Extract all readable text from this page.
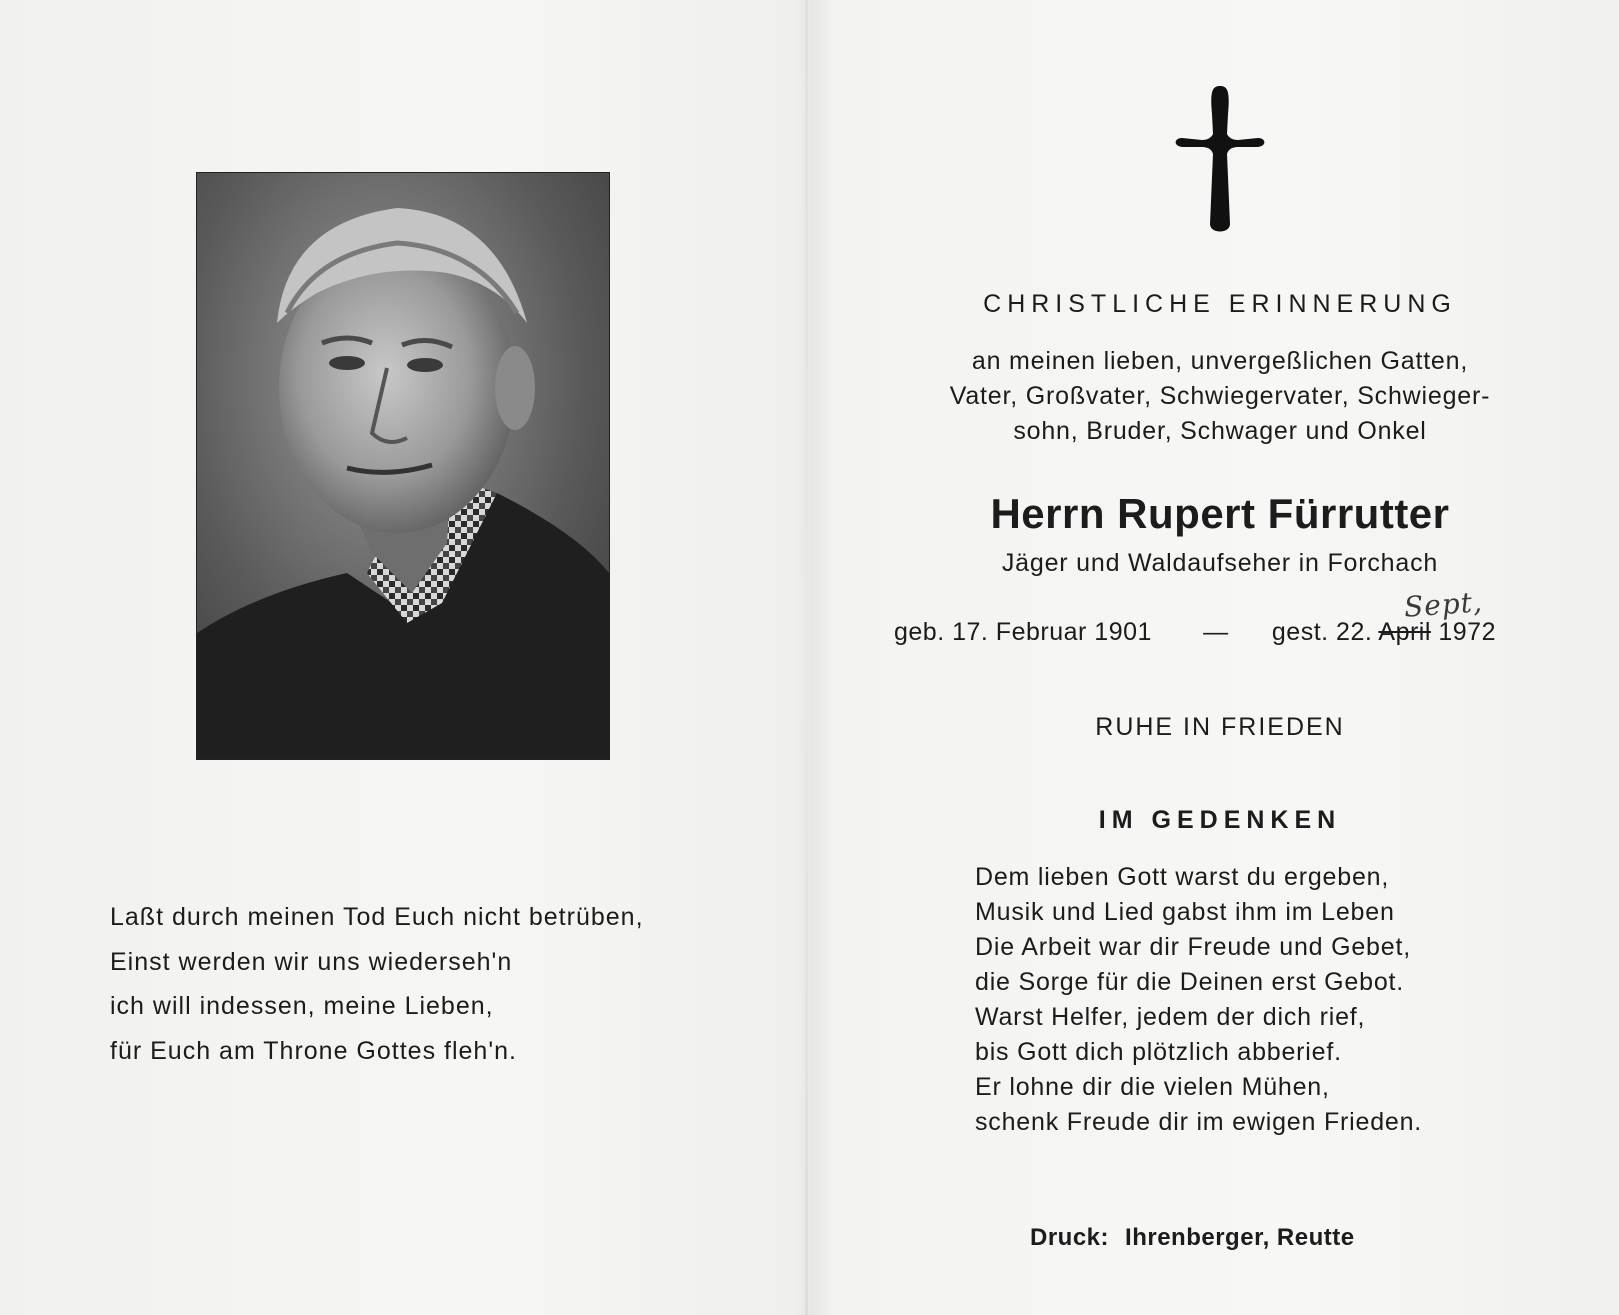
Laßt durch meinen Tod Euch nicht betrüben,
Einst werden wir uns wiederseh'n
ich will indessen, meine Lieben,
für Euch am Throne Gottes fleh'n.
CHRISTLICHE ERINNERUNG
an meinen lieben, unvergeßlichen Gatten,
Vater, Großvater, Schwiegervater, Schwieger-
sohn, Bruder, Schwager und Onkel
Herrn Rupert Fürrutter
Jäger und Waldaufseher in Forchach
geb. 17. Februar 1901 — gest. 22. April 1972
Sept,
RUHE IN FRIEDEN
IM GEDENKEN
Dem lieben Gott warst du ergeben,
Musik und Lied gabst ihm im Leben
Die Arbeit war dir Freude und Gebet,
die Sorge für die Deinen erst Gebot.
Warst Helfer, jedem der dich rief,
bis Gott dich plötzlich abberief.
Er lohne dir die vielen Mühen,
schenk Freude dir im ewigen Frieden.
Druck: Ihrenberger, Reutte
